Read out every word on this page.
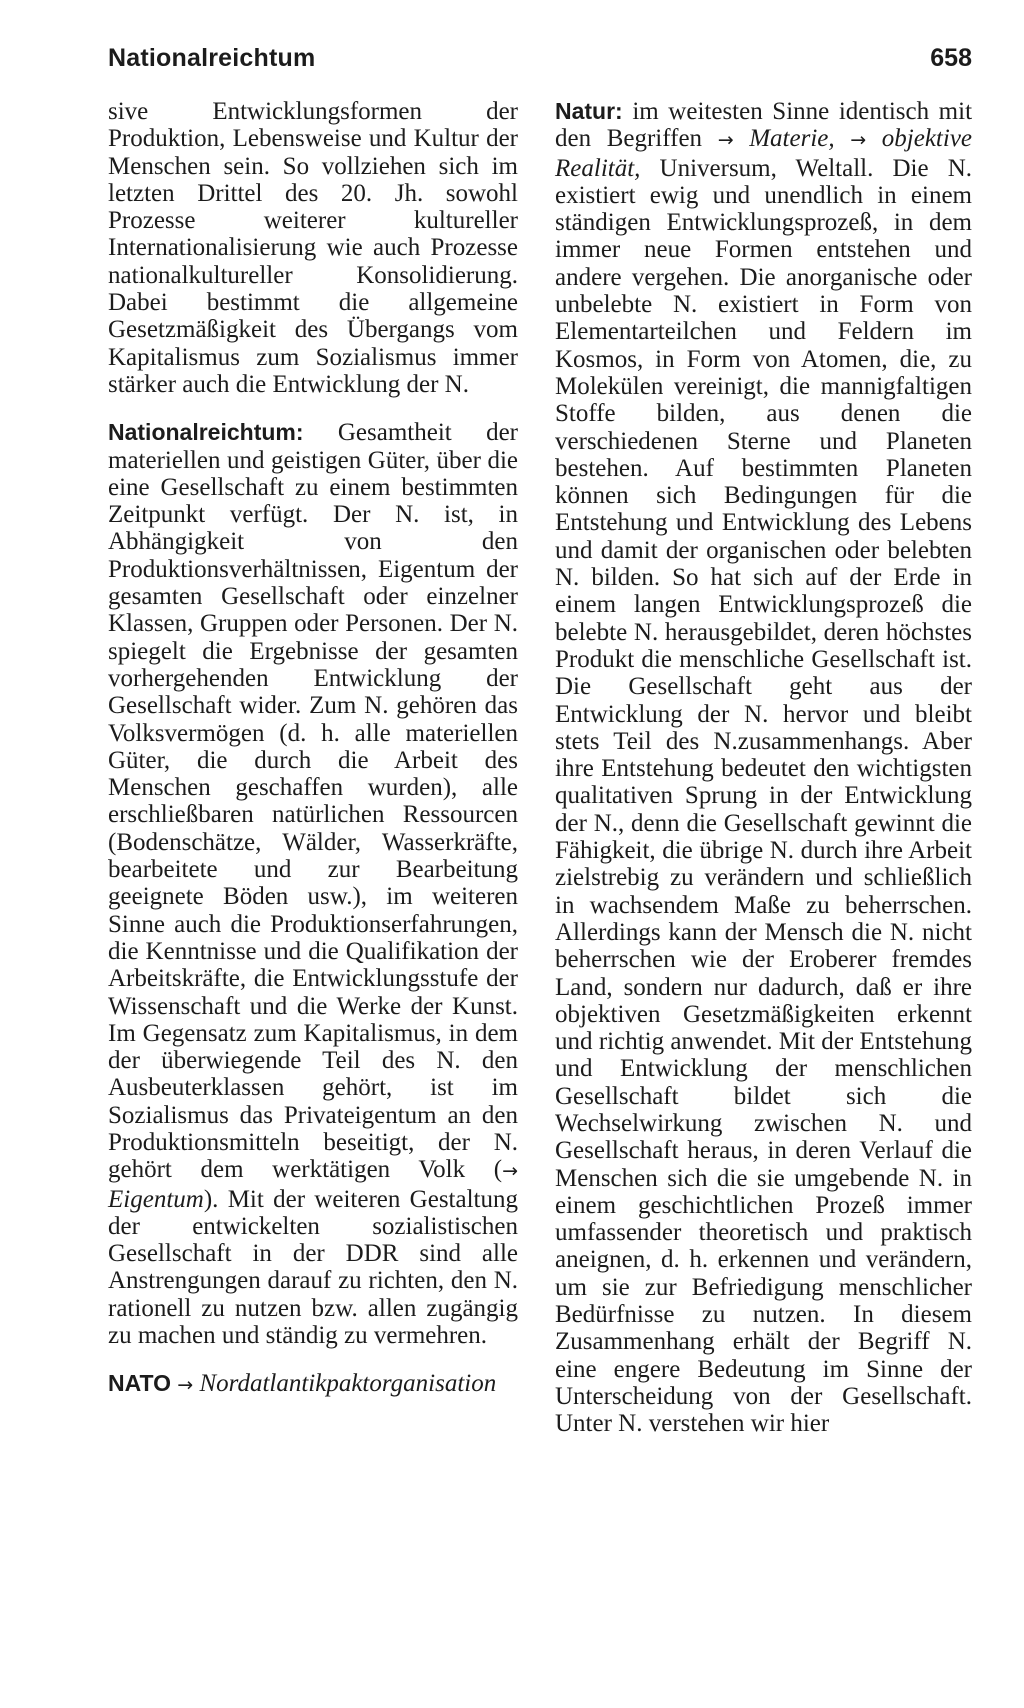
Nationalreichtum	658

sive Entwicklungsformen der Produktion, Lebensweise und Kultur der Menschen sein. So vollziehen sich im letzten Drittel des 20. Jh. sowohl Prozesse weiterer kultureller Internationalisierung wie auch Prozesse nationalkultureller Konsolidierung. Dabei bestimmt die allgemeine Gesetzmäßigkeit des Übergangs vom Kapitalismus zum Sozialismus immer stärker auch die Entwicklung der N.

Nationalreichtum: Gesamtheit der materiellen und geistigen Güter, über die eine Gesellschaft zu einem bestimmten Zeitpunkt verfügt. Der N. ist, in Abhängigkeit von den Produktionsverhältnissen, Eigentum der gesamten Gesellschaft oder einzelner Klassen, Gruppen oder Personen. Der N. spiegelt die Ergebnisse der gesamten vorhergehenden Entwicklung der Gesellschaft wider. Zum N. gehören das Volksvermögen (d. h. alle materiellen Güter, die durch die Arbeit des Menschen geschaffen wurden), alle erschließbaren natürlichen Ressourcen (Bodenschätze, Wälder, Wasserkräfte, bearbeitete und zur Bearbeitung geeignete Böden usw.), im weiteren Sinne auch die Produktionserfahrungen, die Kenntnisse und die Qualifikation der Arbeitskräfte, die Entwicklungsstufe der Wissenschaft und die Werke der Kunst. Im Gegensatz zum Kapitalismus, in dem der überwiegende Teil des N. den Ausbeuterklassen gehört, ist im Sozialismus das Privateigentum an den Produktionsmitteln beseitigt, der N. gehört dem werktätigen Volk (→ Eigentum). Mit der weiteren Gestaltung der entwickelten sozialistischen Gesellschaft in der DDR sind alle Anstrengungen darauf zu richten, den N. rationell zu nutzen bzw. allen zugängig zu machen und ständig zu vermehren.

NATO → Nordatlantikpaktorganisation

Natur: im weitesten Sinne identisch mit den Begriffen → Materie, → objektive Realität, Universum, Weltall. Die N. existiert ewig und unendlich in einem ständigen Entwicklungsprozeß, in dem immer neue Formen entstehen und andere vergehen. Die anorganische oder unbelebte N. existiert in Form von Elementarteilchen und Feldern im Kosmos, in Form von Atomen, die, zu Molekülen vereinigt, die mannigfaltigen Stoffe bilden, aus denen die verschiedenen Sterne und Planeten bestehen. Auf bestimmten Planeten können sich Bedingungen für die Entstehung und Entwicklung des Lebens und damit der organischen oder belebten N. bilden. So hat sich auf der Erde in einem langen Entwicklungsprozeß die belebte N. herausgebildet, deren höchstes Produkt die menschliche Gesellschaft ist. Die Gesellschaft geht aus der Entwicklung der N. hervor und bleibt stets Teil des N.zusammenhangs. Aber ihre Entstehung bedeutet den wichtigsten qualitativen Sprung in der Entwicklung der N., denn die Gesellschaft gewinnt die Fähigkeit, die übrige N. durch ihre Arbeit zielstrebig zu verändern und schließlich in wachsendem Maße zu beherrschen. Allerdings kann der Mensch die N. nicht beherrschen wie der Eroberer fremdes Land, sondern nur dadurch, daß er ihre objektiven Gesetzmäßigkeiten erkennt und richtig anwendet. Mit der Entstehung und Entwicklung der menschlichen Gesellschaft bildet sich die Wechselwirkung zwischen N. und Gesellschaft heraus, in deren Verlauf die Menschen sich die sie umgebende N. in einem geschichtlichen Prozeß immer umfassender theoretisch und praktisch aneignen, d. h. erkennen und verändern, um sie zur Befriedigung menschlicher Bedürfnisse zu nutzen. In diesem Zusammenhang erhält der Begriff N. eine engere Bedeutung im Sinne der Unterscheidung von der Gesellschaft. Unter N. verstehen wir hier
